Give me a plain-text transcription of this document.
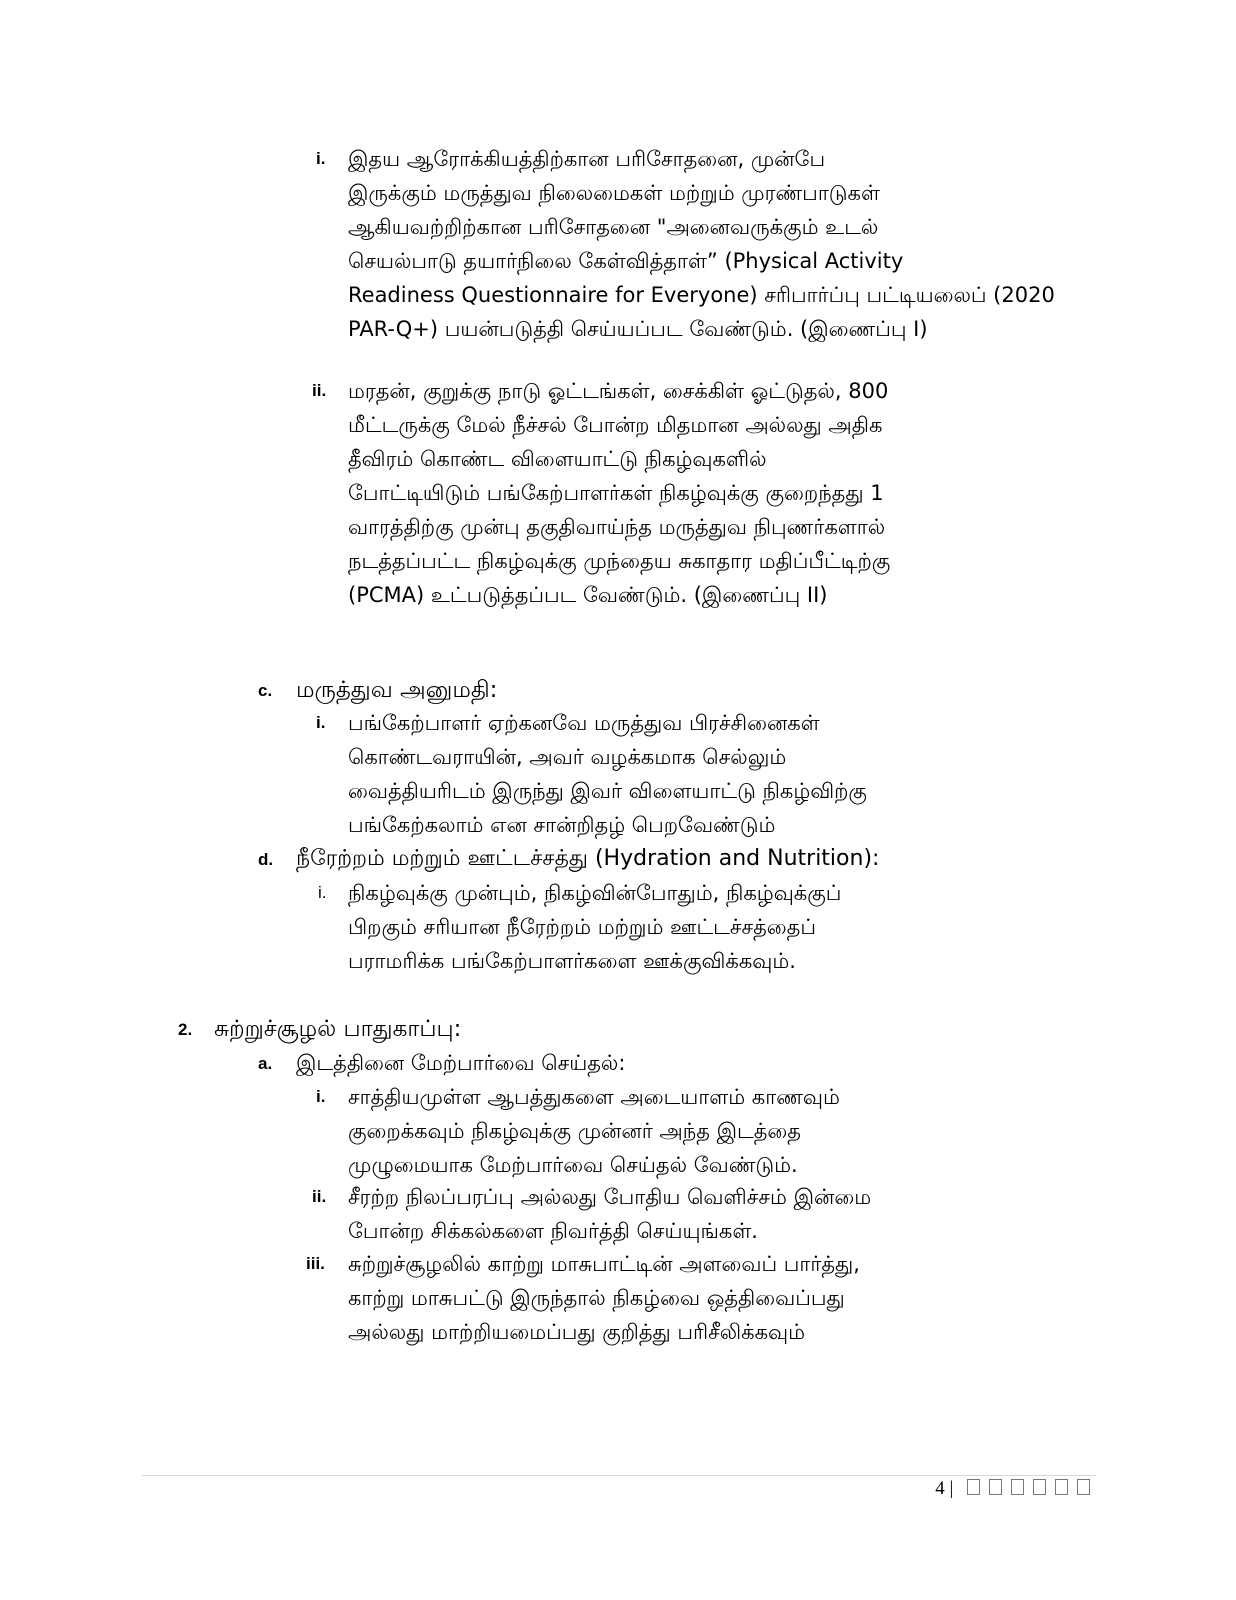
i. இதய ஆரோக்கியத்திற்கான பரிசோதனை, முன்பே
இருக்கும் மருத்துவ நிலைமைகள் மற்றும் முரண்பாடுகள்
ஆகியவற்றிற்கான பரிசோதனை "அனைவருக்கும் உடல்
செயல்பாடு தயார்நிலை கேள்வித்தாள்” (Physical Activity
Readiness Questionnaire for Everyone) சரிபார்ப்பு பட்டியலைப் (2020
PAR-Q+) பயன்படுத்தி செய்யப்பட வேண்டும். (இணைப்பு I)
ii. மரதன், குறுக்கு நாடு ஓட்டங்கள், சைக்கிள் ஓட்டுதல், 800
மீட்டருக்கு மேல் நீச்சல் போன்ற மிதமான அல்லது அதிக
தீவிரம் கொண்ட விளையாட்டு நிகழ்வுகளில்
போட்டியிடும் பங்கேற்பாளர்கள் நிகழ்வுக்கு குறைந்தது 1
வாரத்திற்கு முன்பு தகுதிவாய்ந்த மருத்துவ நிபுணர்களால்
நடத்தப்பட்ட நிகழ்வுக்கு முந்தைய சுகாதார மதிப்பீட்டிற்கு
(PCMA) உட்படுத்தப்பட வேண்டும். (இணைப்பு II)
c. மருத்துவ அனுமதி:
i. பங்கேற்பாளர் ஏற்கனவே மருத்துவ பிரச்சினைகள்
கொண்டவராயின், அவர் வழக்கமாக செல்லும்
வைத்தியரிடம் இருந்து இவர் விளையாட்டு நிகழ்விற்கு
பங்கேற்கலாம் என சான்றிதழ் பெறவேண்டும்
d. நீரேற்றம் மற்றும் ஊட்டச்சத்து (Hydration and Nutrition):
i. நிகழ்வுக்கு முன்பும், நிகழ்வின்போதும், நிகழ்வுக்குப்
பிறகும் சரியான நீரேற்றம் மற்றும் ஊட்டச்சத்தைப்
பராமரிக்க பங்கேற்பாளர்களை ஊக்குவிக்கவும்.
2. சுற்றுச்சூழல் பாதுகாப்பு:
a. இடத்தினை மேற்பார்வை செய்தல்:
i. சாத்தியமுள்ள ஆபத்துகளை அடையாளம் காணவும்
குறைக்கவும் நிகழ்வுக்கு முன்னர் அந்த இடத்தை
முழுமையாக மேற்பார்வை செய்தல் வேண்டும்.
ii. சீரற்ற நிலப்பரப்பு அல்லது போதிய வெளிச்சம் இன்மை
போன்ற சிக்கல்களை நிவர்த்தி செய்யுங்கள்.
iii. சுற்றுச்சூழலில் காற்று மாசுபாட்டின் அளவைப் பார்த்து,
காற்று மாசுபட்டு இருந்தால் நிகழ்வை ஒத்திவைப்பது
அல்லது மாற்றியமைப்பது குறித்து பரிசீலிக்கவும்
4 |
